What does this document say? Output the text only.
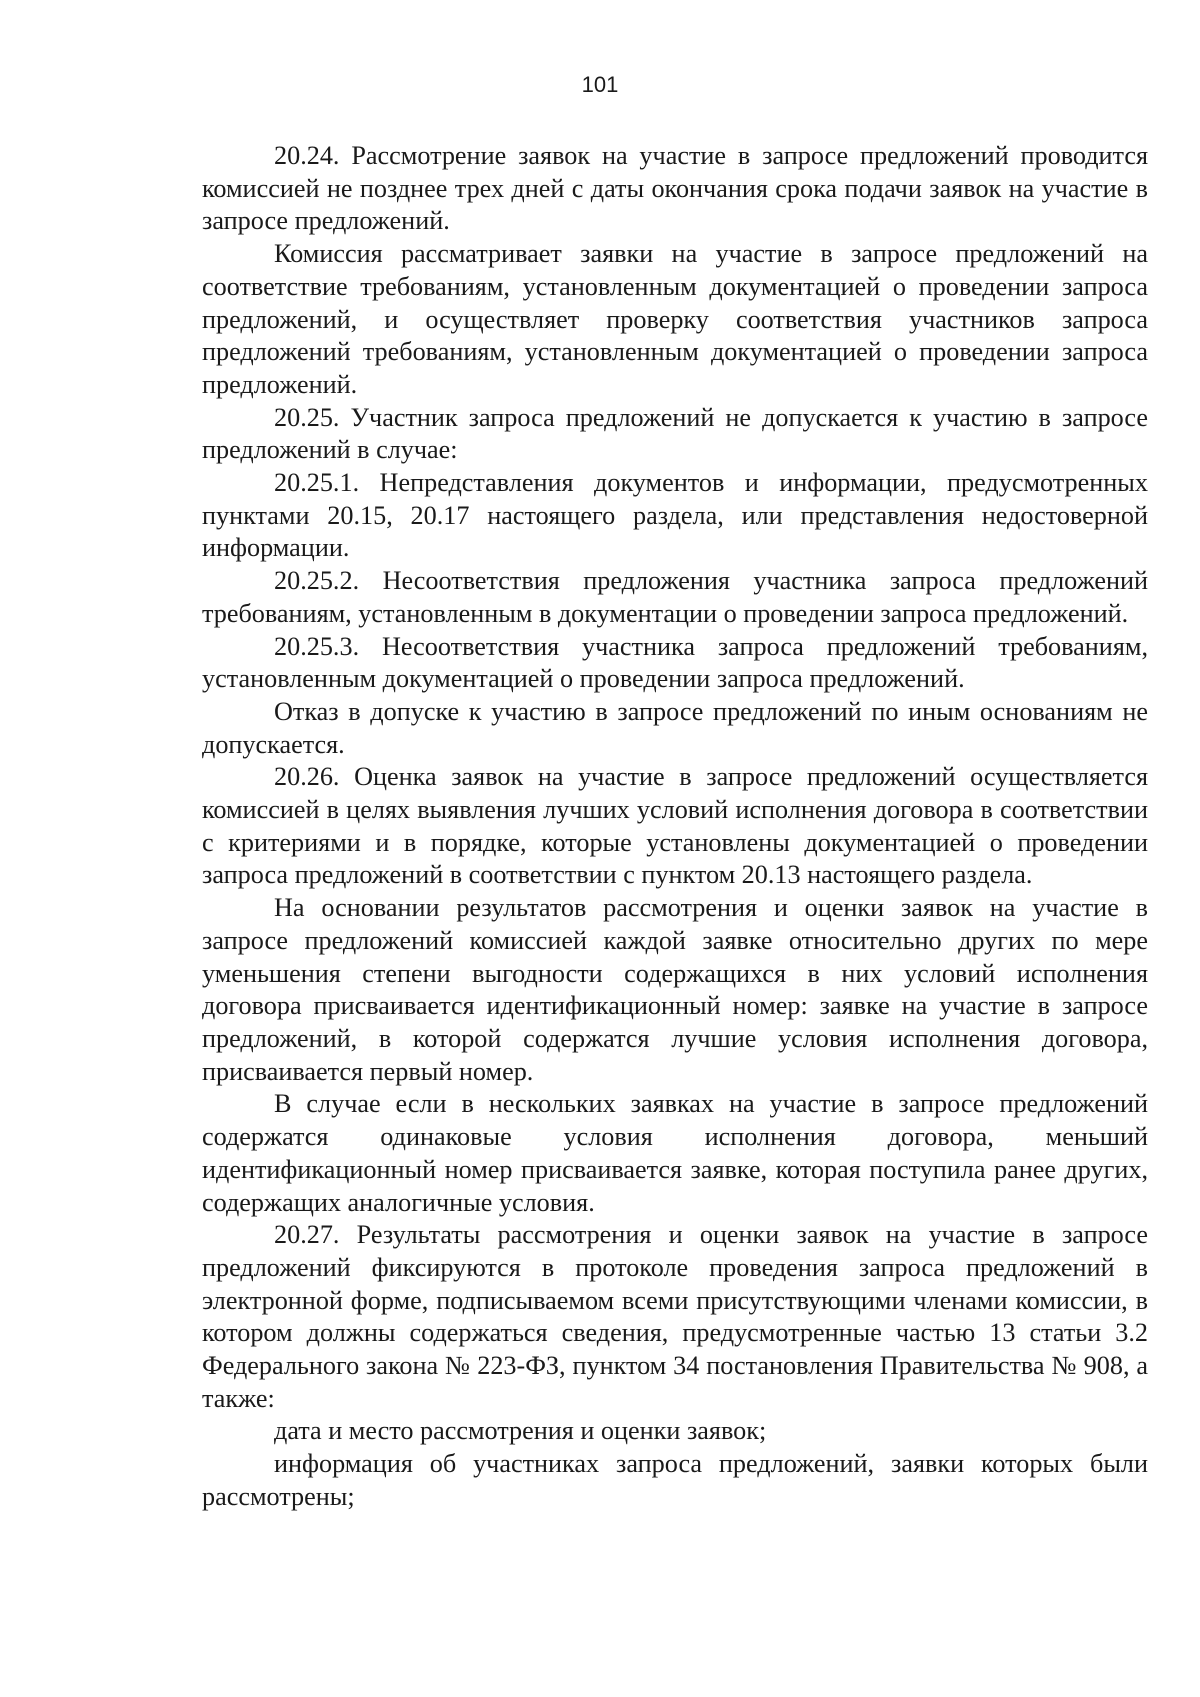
101

20.24. Рассмотрение заявок на участие в запросе предложений проводится комиссией не позднее трех дней с даты окончания срока подачи заявок на участие в запросе предложений.

Комиссия рассматривает заявки на участие в запросе предложений на соответствие требованиям, установленным документацией о проведении запроса предложений, и осуществляет проверку соответствия участников запроса предложений требованиям, установленным документацией о проведении запроса предложений.

20.25. Участник запроса предложений не допускается к участию в запросе предложений в случае:

20.25.1. Непредставления документов и информации, предусмотренных пунктами 20.15, 20.17 настоящего раздела, или представления недостоверной информации.

20.25.2. Несоответствия предложения участника запроса предложений требованиям, установленным в документации о проведении запроса предложений.

20.25.3. Несоответствия участника запроса предложений требованиям, установленным документацией о проведении запроса предложений.

Отказ в допуске к участию в запросе предложений по иным основаниям не допускается.

20.26. Оценка заявок на участие в запросе предложений осуществляется комиссией в целях выявления лучших условий исполнения договора в соответствии с критериями и в порядке, которые установлены документацией о проведении запроса предложений в соответствии с пунктом 20.13 настоящего раздела.

На основании результатов рассмотрения и оценки заявок на участие в запросе предложений комиссией каждой заявке относительно других по мере уменьшения степени выгодности содержащихся в них условий исполнения договора присваивается идентификационный номер: заявке на участие в запросе предложений, в которой содержатся лучшие условия исполнения договора, присваивается первый номер.

В случае если в нескольких заявках на участие в запросе предложений содержатся одинаковые условия исполнения договора, меньший идентификационный номер присваивается заявке, которая поступила ранее других, содержащих аналогичные условия.

20.27. Результаты рассмотрения и оценки заявок на участие в запросе предложений фиксируются в протоколе проведения запроса предложений в электронной форме, подписываемом всеми присутствующими членами комиссии, в котором должны содержаться сведения, предусмотренные частью 13 статьи 3.2 Федерального закона № 223-ФЗ, пунктом 34 постановления Правительства № 908, а также:

дата и место рассмотрения и оценки заявок;

информация об участниках запроса предложений, заявки которых были рассмотрены;
